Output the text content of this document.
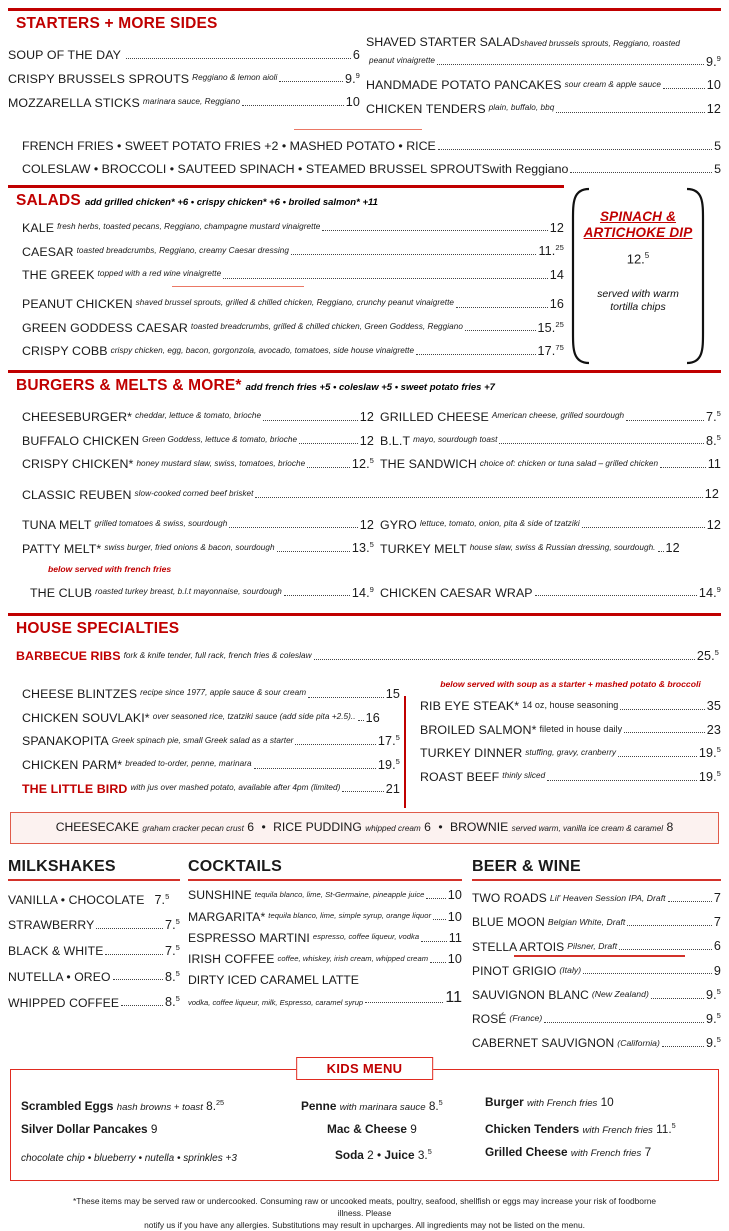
STARTERS + MORE SIDES
SOUP OF THE DAY	6
CRISPY BRUSSELS SPROUTS Reggiano & lemon aioli	9.$^9$
MOZZARELLA STICKS marinara sauce, Reggiano	10
SHAVED STARTER SALADshaved brussels sprouts, Reggiano, roasted
peanut vinaigrette	9.$^9$
HANDMADE POTATO PANCAKES sour cream & apple sauce	10
CHICKEN TENDERS plain, buffalo, bbq	12
FRENCH FRIES • SWEET POTATO FRIES +2 • MASHED POTATO • RICE	5
COLESLAW • BROCCOLI • SAUTEED SPINACH • STEAMED BRUSSEL SPROUTS with Reggiano	5
SALADS add grilled chicken* +6 • crispy chicken* +6 • broiled salmon* +11
KALE fresh herbs, toasted pecans, Reggiano, champagne mustard vinaigrette	12
CAESAR toasted breadcrumbs, Reggiano, creamy Caesar dressing	11.25
THE GREEK topped with a red wine vinaigrette	14
PEANUT CHICKEN shaved brussel sprouts, grilled & chilled chicken, Reggiano, crunchy peanut vinaigrette	16
GREEN GODDESS CAESAR toasted breadcrumbs, grilled & chilled chicken, Green Goddess, Reggiano	15.25
CRISPY COBB crispy chicken, egg, bacon, gorgonzola, avocado, tomatoes, side house vinaigrette	17.75
SPINACH &
ARTICHOKE DIP
12.$^5$
served with warm
tortilla chips
BURGERS & MELTS & MORE* add french fries +5 • coleslaw +5 • sweet potato fries +7
CHEESEBURGER* cheddar, lettuce & tomato, brioche	12
BUFFALO CHICKEN Green Goddess, lettuce & tomato, brioche	12
CRISPY CHICKEN* honey mustard slaw, swiss, tomatoes, brioche	12.$^5$
GRILLED CHEESE American cheese, grilled sourdough	7.$^5$
B.L.T mayo, sourdough toast	8.$^5$
THE SANDWICH choice of: chicken or tuna salad – grilled chicken	11
CLASSIC REUBEN slow-cooked corned beef brisket	12
TUNA MELT grilled tomatoes & swiss, sourdough	12
PATTY MELT* swiss burger, fried onions & bacon, sourdough	13.$^5$
GYRO lettuce, tomato, onion, pita & side of tzatziki	12
TURKEY MELT house slaw, swiss & Russian dressing, sourdough. 12
below served with french fries
THE CLUB roasted turkey breast, b.l.t mayonnaise, sourdough	14.$^9$ CHICKEN CAESAR WRAP	14.$^9$
HOUSE SPECIALTIES
BARBECUE RIBS fork & knife tender, full rack, french fries & coleslaw	25.$^5$
CHEESE BLINTZES recipe since 1977, apple sauce & sour cream	15
CHICKEN SOUVLAKI* over seasoned rice, tzatziki sauce (add side pita +2.5).. 16
SPANAKOPITA Greek spinach pie, small Greek salad as a starter	17.$^5$
CHICKEN PARM* breaded to-order, penne, marinara	19.$^5$
THE LITTLE BIRD with jus over mashed potato, available after 4pm (limited)	21
below served with soup as a starter + mashed potato & broccoli
RIB EYE STEAK* 14 oz, house seasoning	35
BROILED SALMON* fileted in house daily	23
TURKEY DINNER stuffing, gravy, cranberry	19.$^5$
ROAST BEEF thinly sliced	19.$^5$
CHEESECAKE graham cracker pecan crust 6 • RICE PUDDING whipped cream 6 • BROWNIE served warm, vanilla ice cream & caramel 8
MILKSHAKES
VANILLA • CHOCOLATE 7.$^5$
STRAWBERRY	7.$^5$
BLACK & WHITE	7.$^5$
NUTELLA • OREO	8.$^5$
WHIPPED COFFEE	8.$^5$
COCKTAILS
SUNSHINE tequila blanco, lime, St-Germaine, pineapple juice 10
MARGARITA* tequila blanco, lime, simple syrup, orange liquor 10
ESPRESSO MARTINI espresso, coffee liqueur, vodka 11
IRISH COFFEE coffee, whiskey, irish cream, whipped cream 10
DIRTY ICED CARAMEL LATTE
vodka, coffee liqueur, milk, Espresso, caramel syrup	11
BEER & WINE
TWO ROADS Lil' Heaven Session IPA, Draft	7
BLUE MOON Belgian White, Draft	7
STELLA ARTOIS Pilsner, Draft	6
PINOT GRIGIO (Italy)	9
SAUVIGNON BLANC (New Zealand)	9.$^5$
ROSÉ (France)	9.$^5$
CABERNET SAUVIGNON (California)	9.$^5$
KIDS MENU
Scrambled Eggs hash browns + toast 8.25
Silver Dollar Pancakes 9
chocolate chip • blueberry • nutella • sprinkles +3
Penne with marinara sauce 8.$^5$
Mac & Cheese 9
Soda 2 • Juice 3.$^5$
Burger with French fries 10
Chicken Tenders with French fries 11.$^5$
Grilled Cheese with French fries 7
*These items may be served raw or undercooked. Consuming raw or uncooked meats, poultry, seafood, shellfish or eggs may increase your risk of foodborne illness. Please
notify us if you have any allergies. Substitutions may result in upcharges. All ingredients may not be listed on the menu.
